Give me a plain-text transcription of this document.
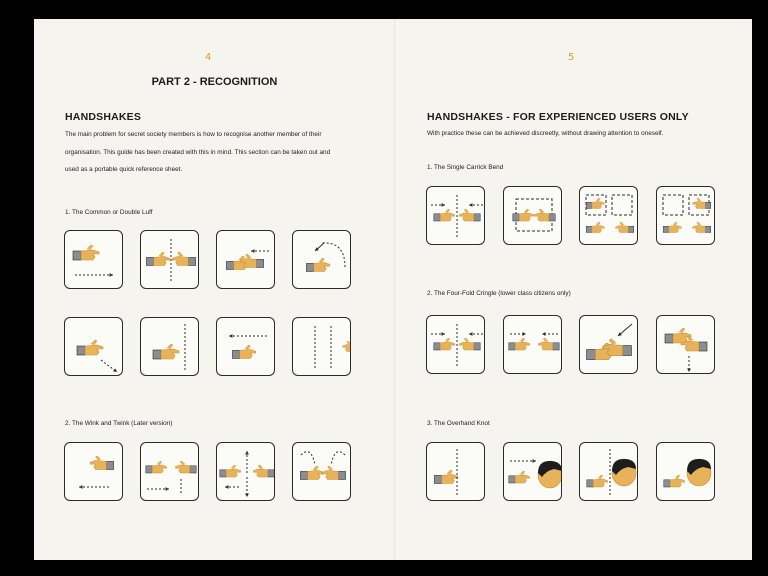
4
PART 2 - RECOGNITION
HANDSHAKES
The main problem for secret society members is how to recognise another member of their
organisation. This guide has been created with this in mind. This section can be taken out and
used as a portable quick reference sheet.
1. The Common or Double Luff
2. The Wink and Twink (Later version)
5
HANDSHAKES - FOR EXPERIENCED USERS ONLY
With practice these can be achieved discreetly, without drawing attention to oneself.
1. The Single Carrick Bend
2. The Four-Fold Cringle (lower class citizens only)
3. The Overhand Knot
